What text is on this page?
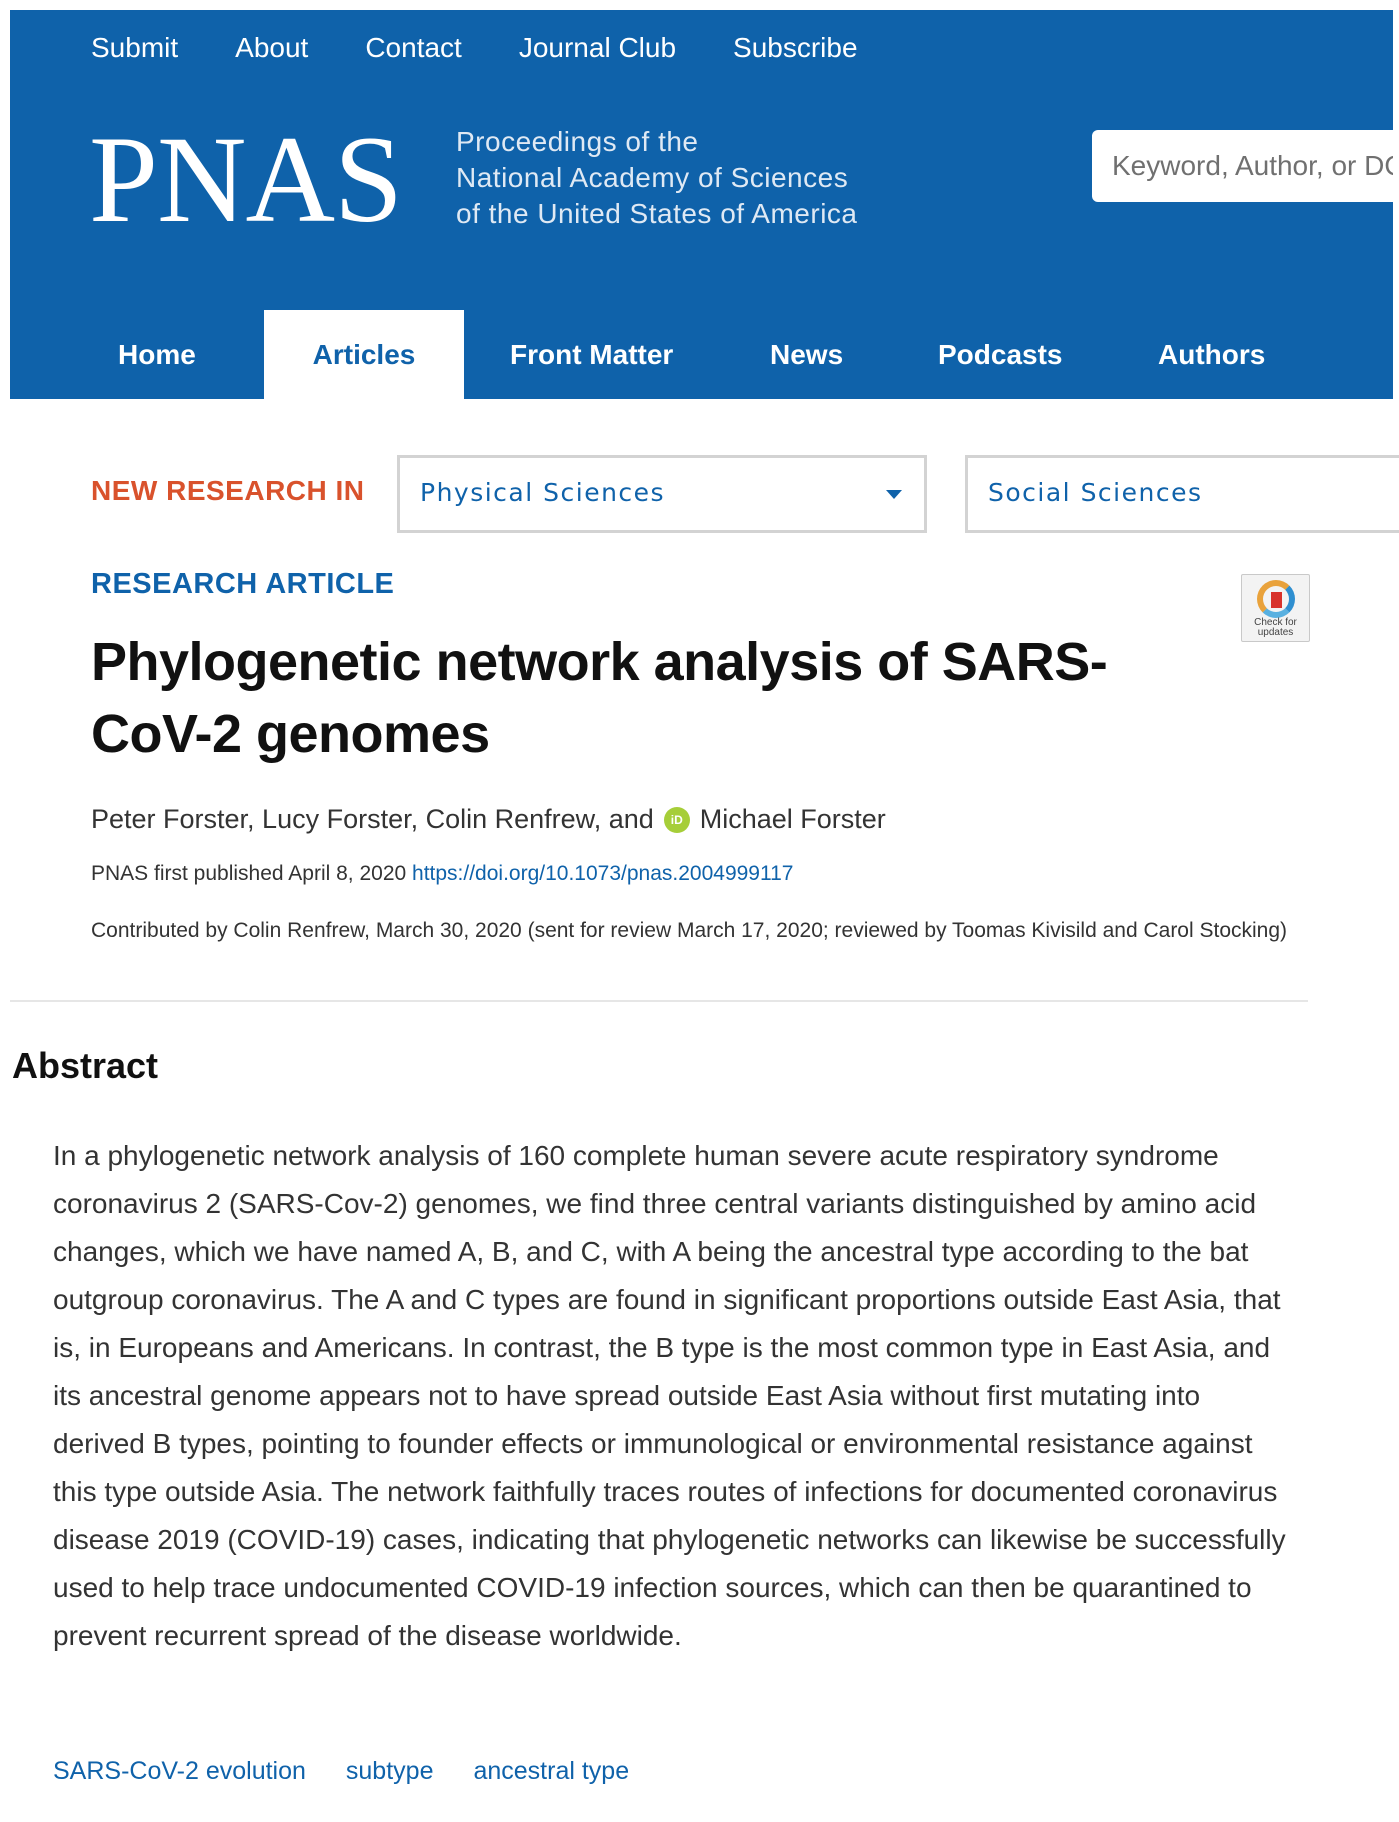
Submit About Contact Journal Club Subscribe
PNAS Proceedings of the
National Academy of Sciences
of the United States of America
Keyword, Author, or DOI
Home	Articles	Front Matter	News	Podcasts	Authors
NEW RESEARCH IN Physical Sciences	Social Sciences
RESEARCH ARTICLE
Check for updates
Phylogenetic network analysis of SARS-CoV-2 genomes
Peter Forster, Lucy Forster, Colin Renfrew, and	iD Michael Forster
PNAS first published April 8, 2020 https://doi.org/10.1073/pnas.2004999117
Contributed by Colin Renfrew, March 30, 2020 (sent for review March 17, 2020; reviewed by Toomas Kivisild and Carol Stocking)
Abstract

In a phylogenetic network analysis of 160 complete human severe acute respiratory syndrome coronavirus 2 (SARS-Cov-2) genomes, we find three central variants distinguished by amino acid changes, which we have named A, B, and C, with A being the ancestral type according to the bat outgroup coronavirus. The A and C types are found in significant proportions outside East Asia, that is, in Europeans and Americans. In contrast, the B type is the most common type in East Asia, and its ancestral genome appears not to have spread outside East Asia without first mutating into derived B types, pointing to founder effects or immunological or environmental resistance against this type outside Asia. The network faithfully traces routes of infections for documented coronavirus disease 2019 (COVID-19) cases, indicating that phylogenetic networks can likewise be successfully used to help trace undocumented COVID-19 infection sources, which can then be quarantined to prevent recurrent spread of the disease worldwide.

SARS-CoV-2 evolution subtype ancestral type
